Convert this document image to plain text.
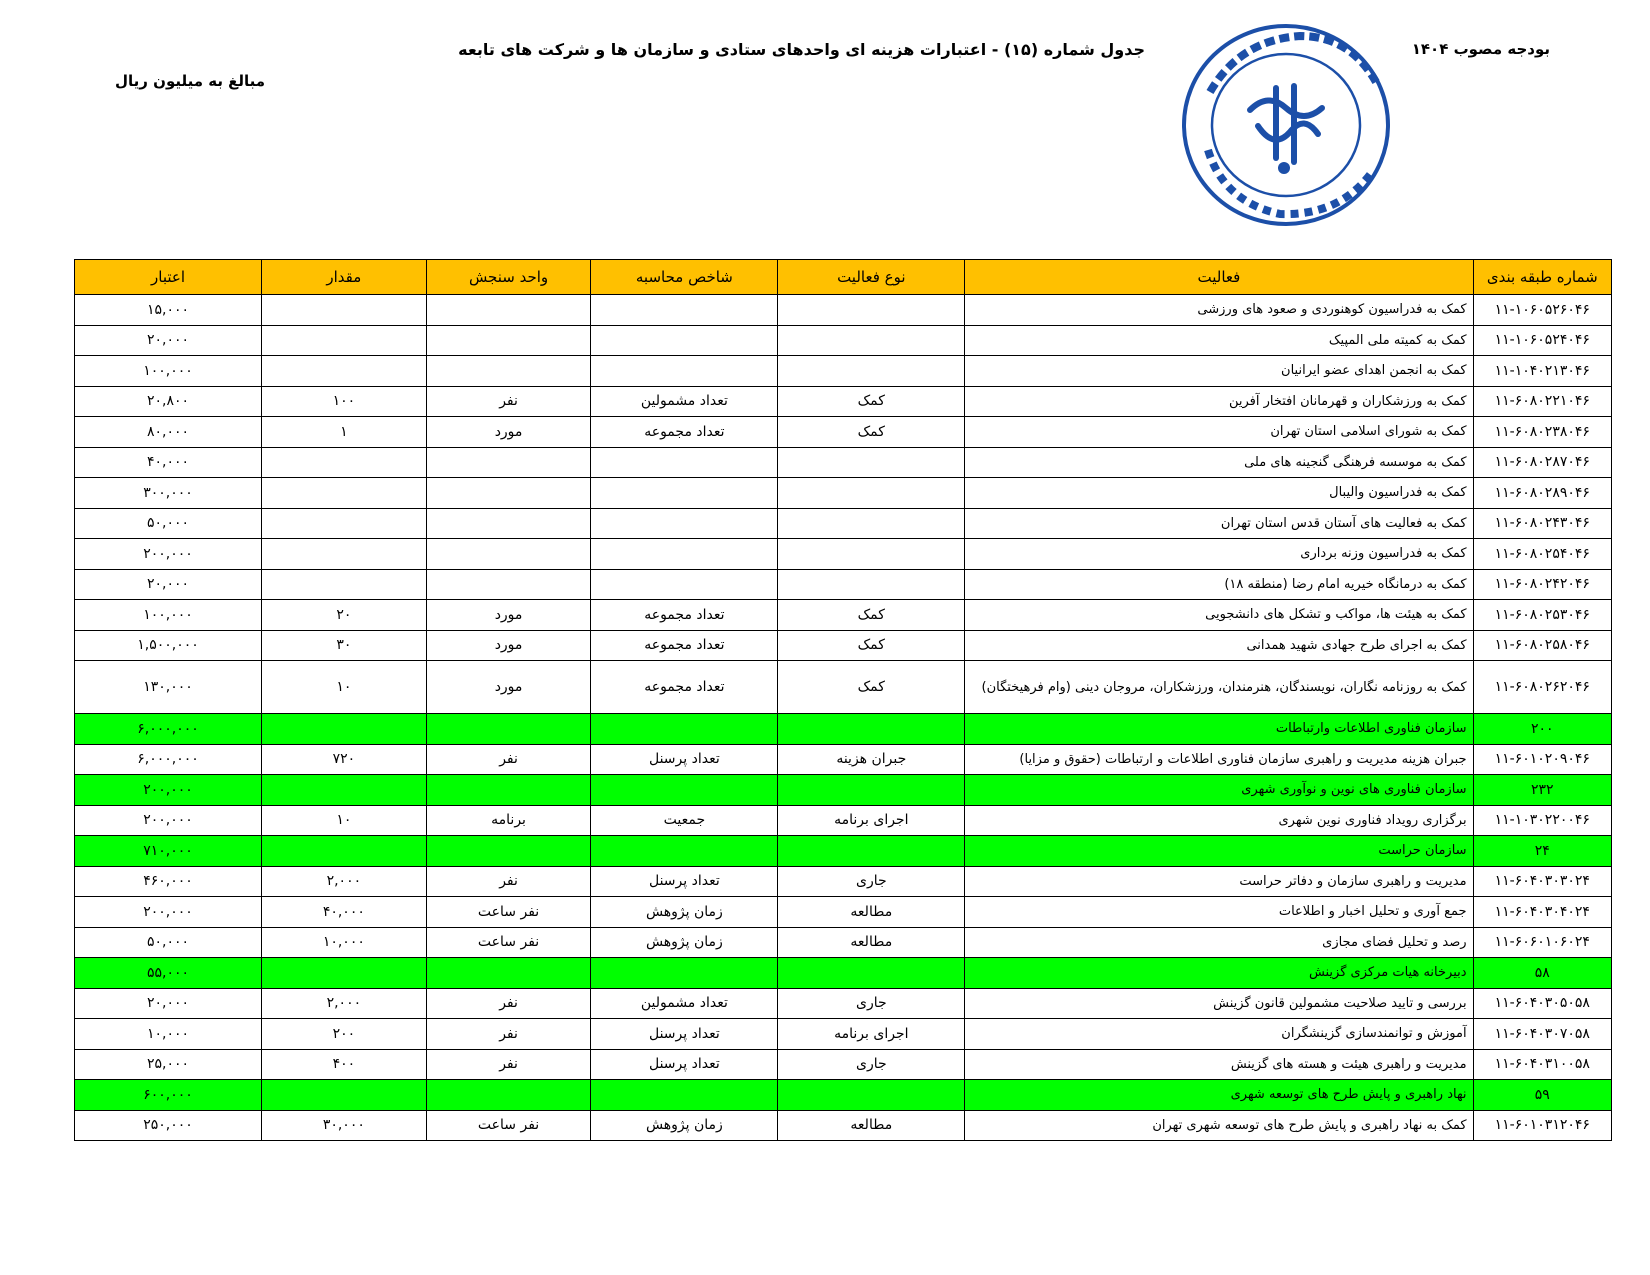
بودجه مصوب ۱۴۰۴
جدول شماره (۱۵) - اعتبارات هزینه ای واحدهای ستادی و سازمان ها و شرکت های تابعه
مبالغ به میلیون ریال
شماره طبقه بندی	فعالیت	نوع فعالیت	شاخص محاسبه	واحد سنجش	مقدار	اعتبار
۱۱-۱۰۶۰۵۲۶۰۴۶	کمک به فدراسیون کوهنوردی و صعود های ورزشی					۱۵,۰۰۰
۱۱-۱۰۶۰۵۲۴۰۴۶	کمک به کمیته ملی المپیک					۲۰,۰۰۰
۱۱-۱۰۴۰۲۱۳۰۴۶	کمک به انجمن اهدای عضو ایرانیان					۱۰۰,۰۰۰
۱۱-۶۰۸۰۲۲۱۰۴۶	کمک به ورزشکاران و قهرمانان افتخار آفرین	کمک	تعداد مشمولین	نفر	۱۰۰	۲۰,۸۰۰
۱۱-۶۰۸۰۲۳۸۰۴۶	کمک به شورای اسلامی استان تهران	کمک	تعداد مجموعه	مورد	۱	۸۰,۰۰۰
۱۱-۶۰۸۰۲۸۷۰۴۶	کمک به موسسه فرهنگی گنجینه های ملی					۴۰,۰۰۰
۱۱-۶۰۸۰۲۸۹۰۴۶	کمک به فدراسیون والیبال					۳۰۰,۰۰۰
۱۱-۶۰۸۰۲۴۳۰۴۶	کمک به فعالیت های آستان قدس استان تهران					۵۰,۰۰۰
۱۱-۶۰۸۰۲۵۴۰۴۶	کمک به فدراسیون وزنه برداری					۲۰۰,۰۰۰
۱۱-۶۰۸۰۲۴۲۰۴۶	کمک به درمانگاه خیریه امام رضا (منطقه ۱۸)					۲۰,۰۰۰
۱۱-۶۰۸۰۲۵۳۰۴۶	کمک به هیئت ها، مواکب و تشکل های دانشجویی	کمک	تعداد مجموعه	مورد	۲۰	۱۰۰,۰۰۰
۱۱-۶۰۸۰۲۵۸۰۴۶	کمک به اجرای طرح جهادی شهید همدانی	کمک	تعداد مجموعه	مورد	۳۰	۱,۵۰۰,۰۰۰
۱۱-۶۰۸۰۲۶۲۰۴۶	کمک به روزنامه نگاران، نویسندگان، هنرمندان، ورزشکاران، مروجان دینی (وام فرهیختگان)	کمک	تعداد مجموعه	مورد	۱۰	۱۳۰,۰۰۰
۲۰۰	سازمان فناوری اطلاعات وارتباطات					۶,۰۰۰,۰۰۰
۱۱-۶۰۱۰۲۰۹۰۴۶	جبران هزینه مدیریت و راهبری سازمان فناوری اطلاعات و ارتباطات (حقوق و مزایا)	جبران هزینه	تعداد پرسنل	نفر	۷۲۰	۶,۰۰۰,۰۰۰
۲۳۲	سازمان فناوری های نوین و نوآوری شهری					۲۰۰,۰۰۰
۱۱-۱۰۳۰۲۲۰۰۴۶	برگزاری رویداد فناوری نوین شهری	اجرای برنامه	جمعیت	برنامه	۱۰	۲۰۰,۰۰۰
۲۴	سازمان حراست					۷۱۰,۰۰۰
۱۱-۶۰۴۰۳۰۳۰۲۴	مدیریت و راهبری سازمان و دفاتر حراست	جاری	تعداد پرسنل	نفر	۲,۰۰۰	۴۶۰,۰۰۰
۱۱-۶۰۴۰۳۰۴۰۲۴	جمع آوری و تحلیل اخبار و اطلاعات	مطالعه	زمان پژوهش	نفر ساعت	۴۰,۰۰۰	۲۰۰,۰۰۰
۱۱-۶۰۶۰۱۰۶۰۲۴	رصد و تحلیل فضای مجازی	مطالعه	زمان پژوهش	نفر ساعت	۱۰,۰۰۰	۵۰,۰۰۰
۵۸	دبیرخانه هیات مرکزی گزینش					۵۵,۰۰۰
۱۱-۶۰۴۰۳۰۵۰۵۸	بررسی و تایید صلاحیت مشمولین قانون گزینش	جاری	تعداد مشمولین	نفر	۲,۰۰۰	۲۰,۰۰۰
۱۱-۶۰۴۰۳۰۷۰۵۸	آموزش و توانمندسازی گزینشگران	اجرای برنامه	تعداد پرسنل	نفر	۲۰۰	۱۰,۰۰۰
۱۱-۶۰۴۰۳۱۰۰۵۸	مدیریت و راهبری هیئت و هسته های گزینش	جاری	تعداد پرسنل	نفر	۴۰۰	۲۵,۰۰۰
۵۹	نهاد راهبری و پایش طرح های توسعه شهری					۶۰۰,۰۰۰
۱۱-۶۰۱۰۳۱۲۰۴۶	کمک به نهاد راهبری و پایش طرح های توسعه شهری تهران	مطالعه	زمان پژوهش	نفر ساعت	۳۰,۰۰۰	۲۵۰,۰۰۰
